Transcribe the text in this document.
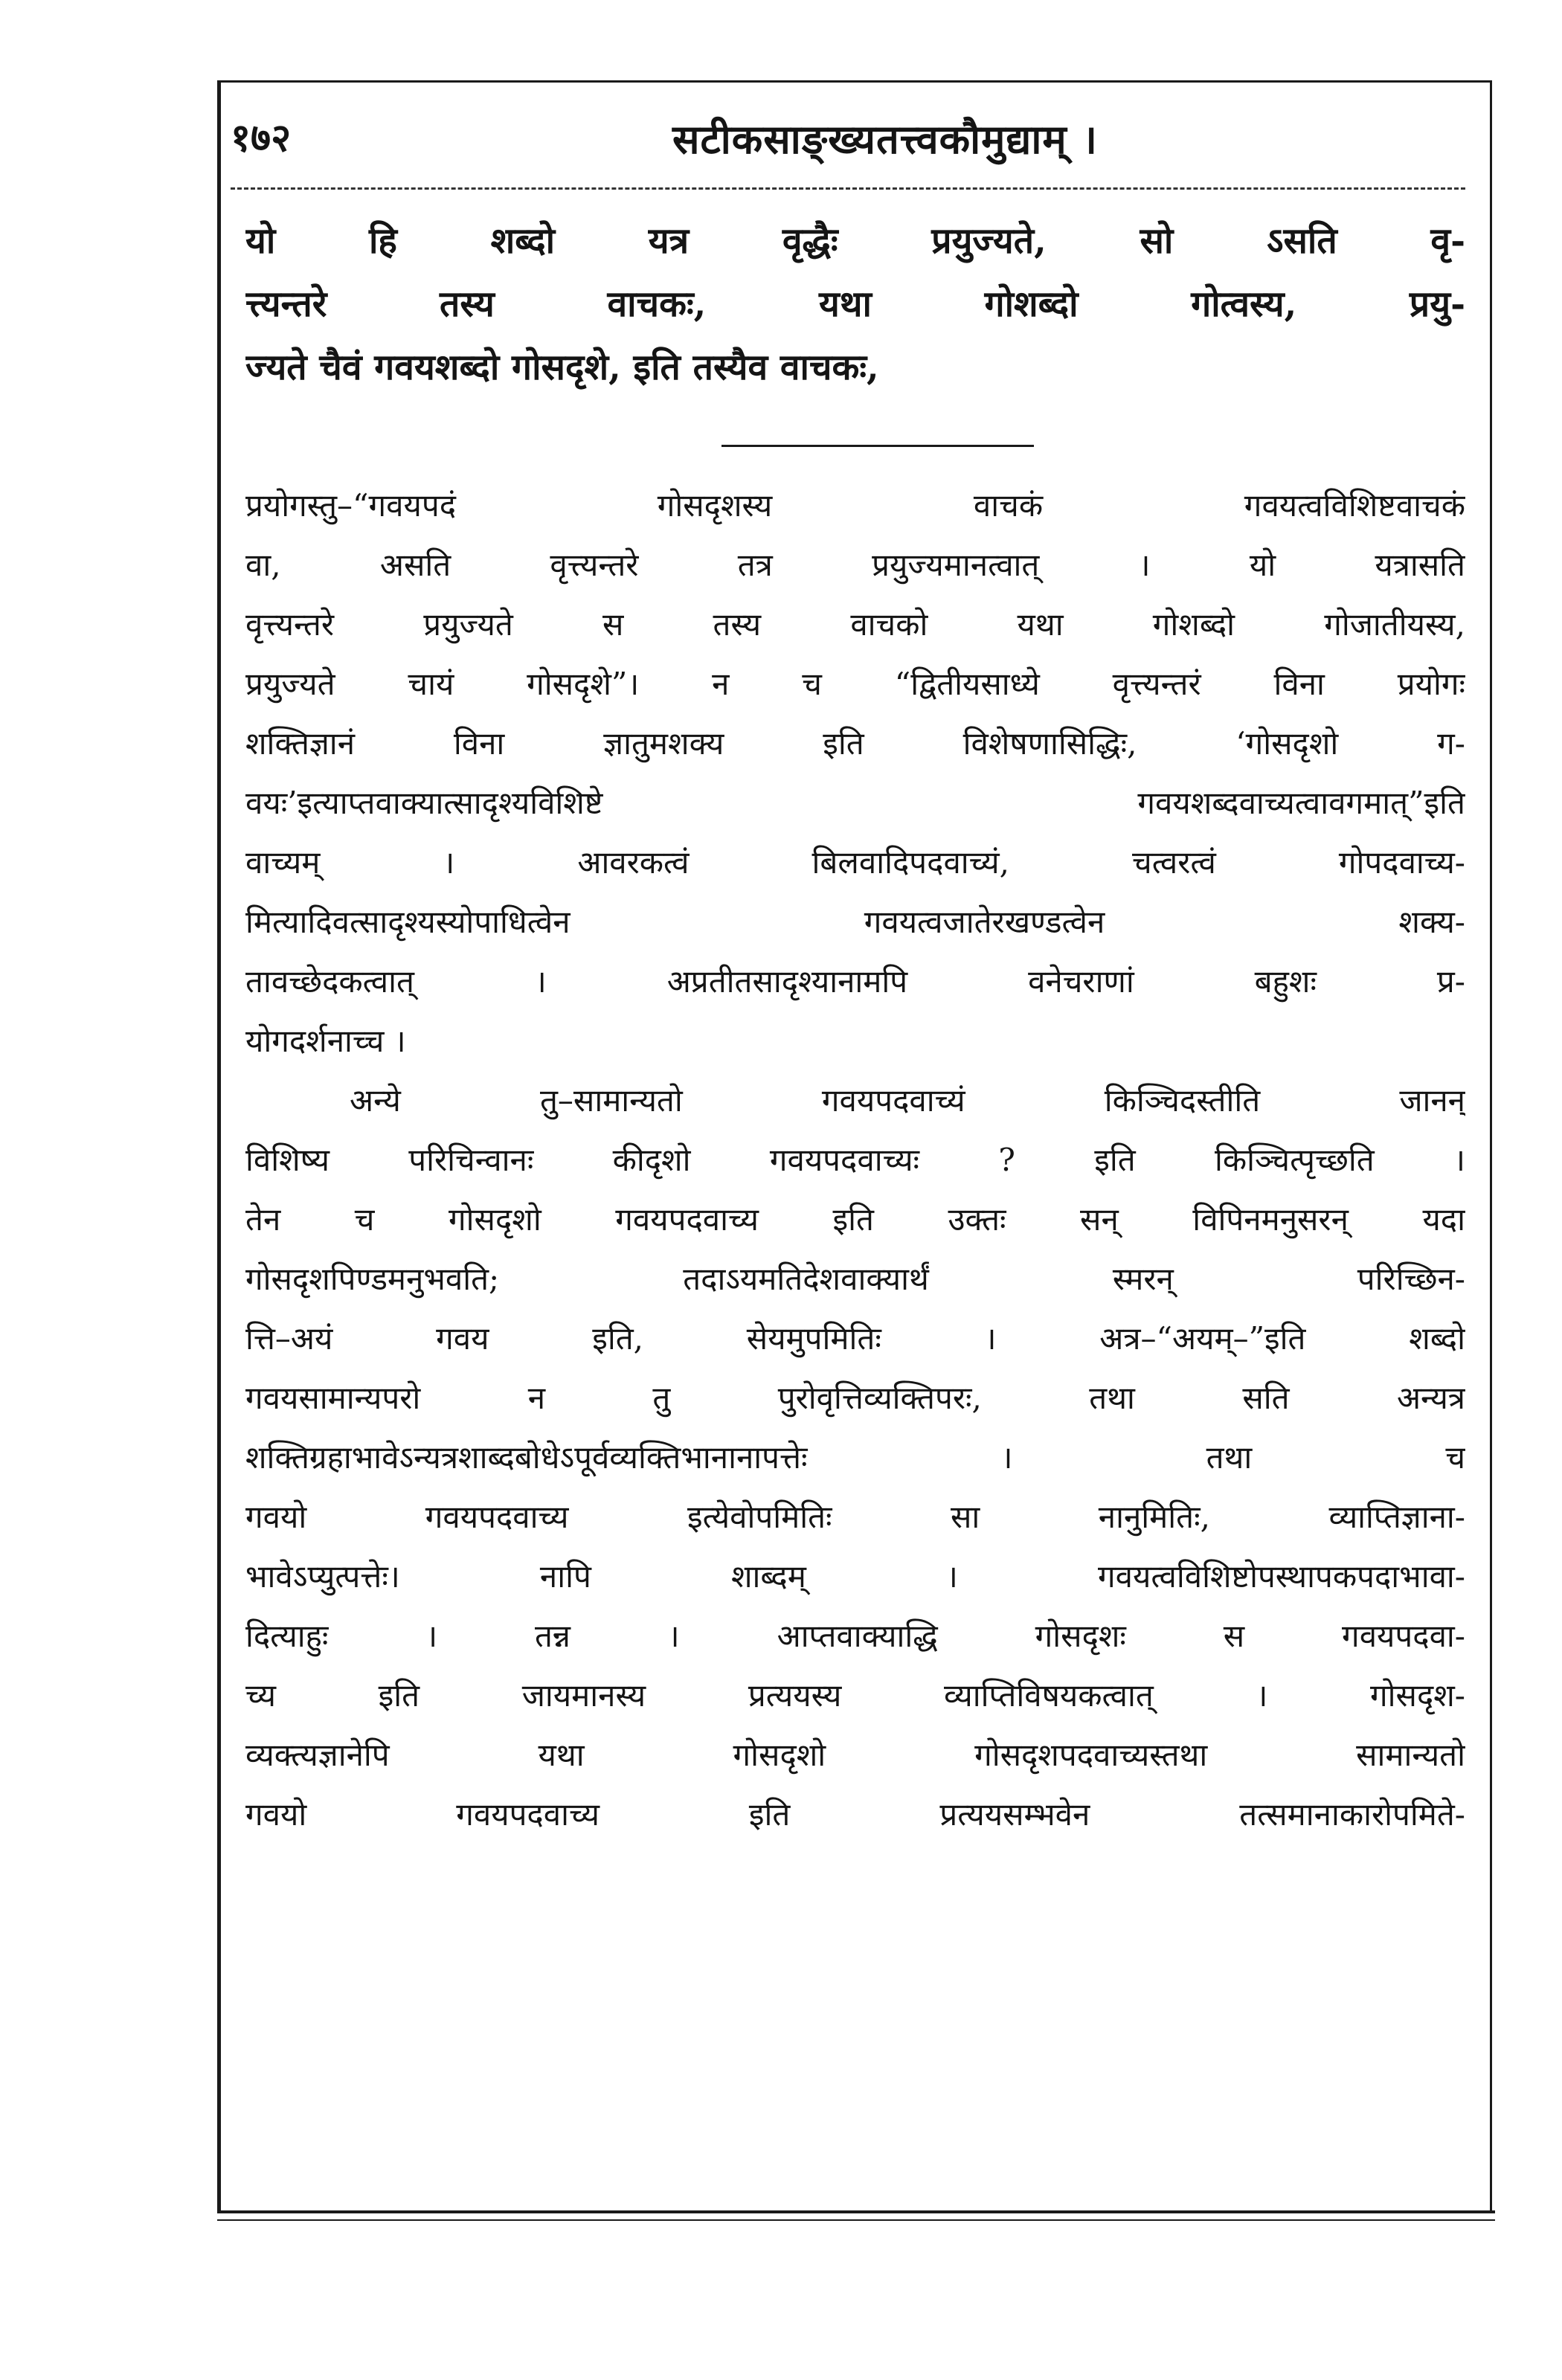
१७२	सटीकसाङ्ख्यतत्त्वकौमुद्याम् ।
यो हि शब्दो यत्र वृद्धैः प्रयुज्यते, सो ऽसति वृ-
त्त्यन्तरे तस्य वाचकः, यथा गोशब्दो गोत्वस्य, प्रयु-
ज्यते चैवं गवयशब्दो गोसदृशे, इति तस्यैव वाचकः,
प्रयोगस्तु–“गवयपदं गोसदृशस्य वाचकं गवयत्वविशिष्टवाचकं
वा, असति वृत्त्यन्तरे तत्र प्रयुज्यमानत्वात् । यो यत्रासति
वृत्त्यन्तरे प्रयुज्यते स तस्य वाचको यथा गोशब्दो गोजातीयस्य,
प्रयुज्यते चायं गोसदृशे”। न च “द्वितीयसाध्ये वृत्त्यन्तरं विना प्रयोगः
शक्तिज्ञानं विना ज्ञातुमशक्य इति विशेषणासिद्धिः, ‘गोसदृशो ग-
वयः’इत्याप्तवाक्यात्सादृश्यविशिष्टे गवयशब्दवाच्यत्वावगमात्”इति
वाच्यम् । आवरकत्वं बिलवादिपदवाच्यं, चत्वरत्वं गोपदवाच्य-
मित्यादिवत्सादृश्यस्योपाधित्वेन गवयत्वजातेरखण्डत्वेन शक्य-
तावच्छेदकत्वात् । अप्रतीतसादृश्यानामपि वनेचराणां बहुशः प्र-
योगदर्शनाच्च ।
अन्ये तु–सामान्यतो गवयपदवाच्यं किञ्चिदस्तीति जानन्
विशिष्य परिचिन्वानः कीदृशो गवयपदवाच्यः ? इति किञ्चित्पृच्छति ।
तेन च गोसदृशो गवयपदवाच्य इति उक्तः सन् विपिनमनुसरन् यदा
गोसदृशपिण्डमनुभवति; तदाऽयमतिदेशवाक्यार्थं स्मरन् परिच्छिन-
त्ति–अयं गवय इति, सेयमुपमितिः । अत्र–“अयम्–”इति शब्दो
गवयसामान्यपरो न तु पुरोवृत्तिव्यक्तिपरः, तथा सति अन्यत्र
शक्तिग्रहाभावेऽन्यत्रशाब्दबोधेऽपूर्वव्यक्तिभानानापत्तेः । तथा च
गवयो गवयपदवाच्य इत्येवोपमितिः सा नानुमितिः, व्याप्तिज्ञाना-
भावेऽप्युत्पत्तेः। नापि शाब्दम् । गवयत्वविशिष्टोपस्थापकपदाभावा-
दित्याहुः । तन्न । आप्तवाक्याद्धि गोसदृशः स गवयपदवा-
च्य इति जायमानस्य प्रत्ययस्य व्याप्तिविषयकत्वात् । गोसदृश-
व्यक्त्यज्ञानेपि यथा गोसदृशो गोसदृशपदवाच्यस्तथा सामान्यतो
गवयो गवयपदवाच्य इति प्रत्ययसम्भवेन तत्समानाकारोपमिते-
